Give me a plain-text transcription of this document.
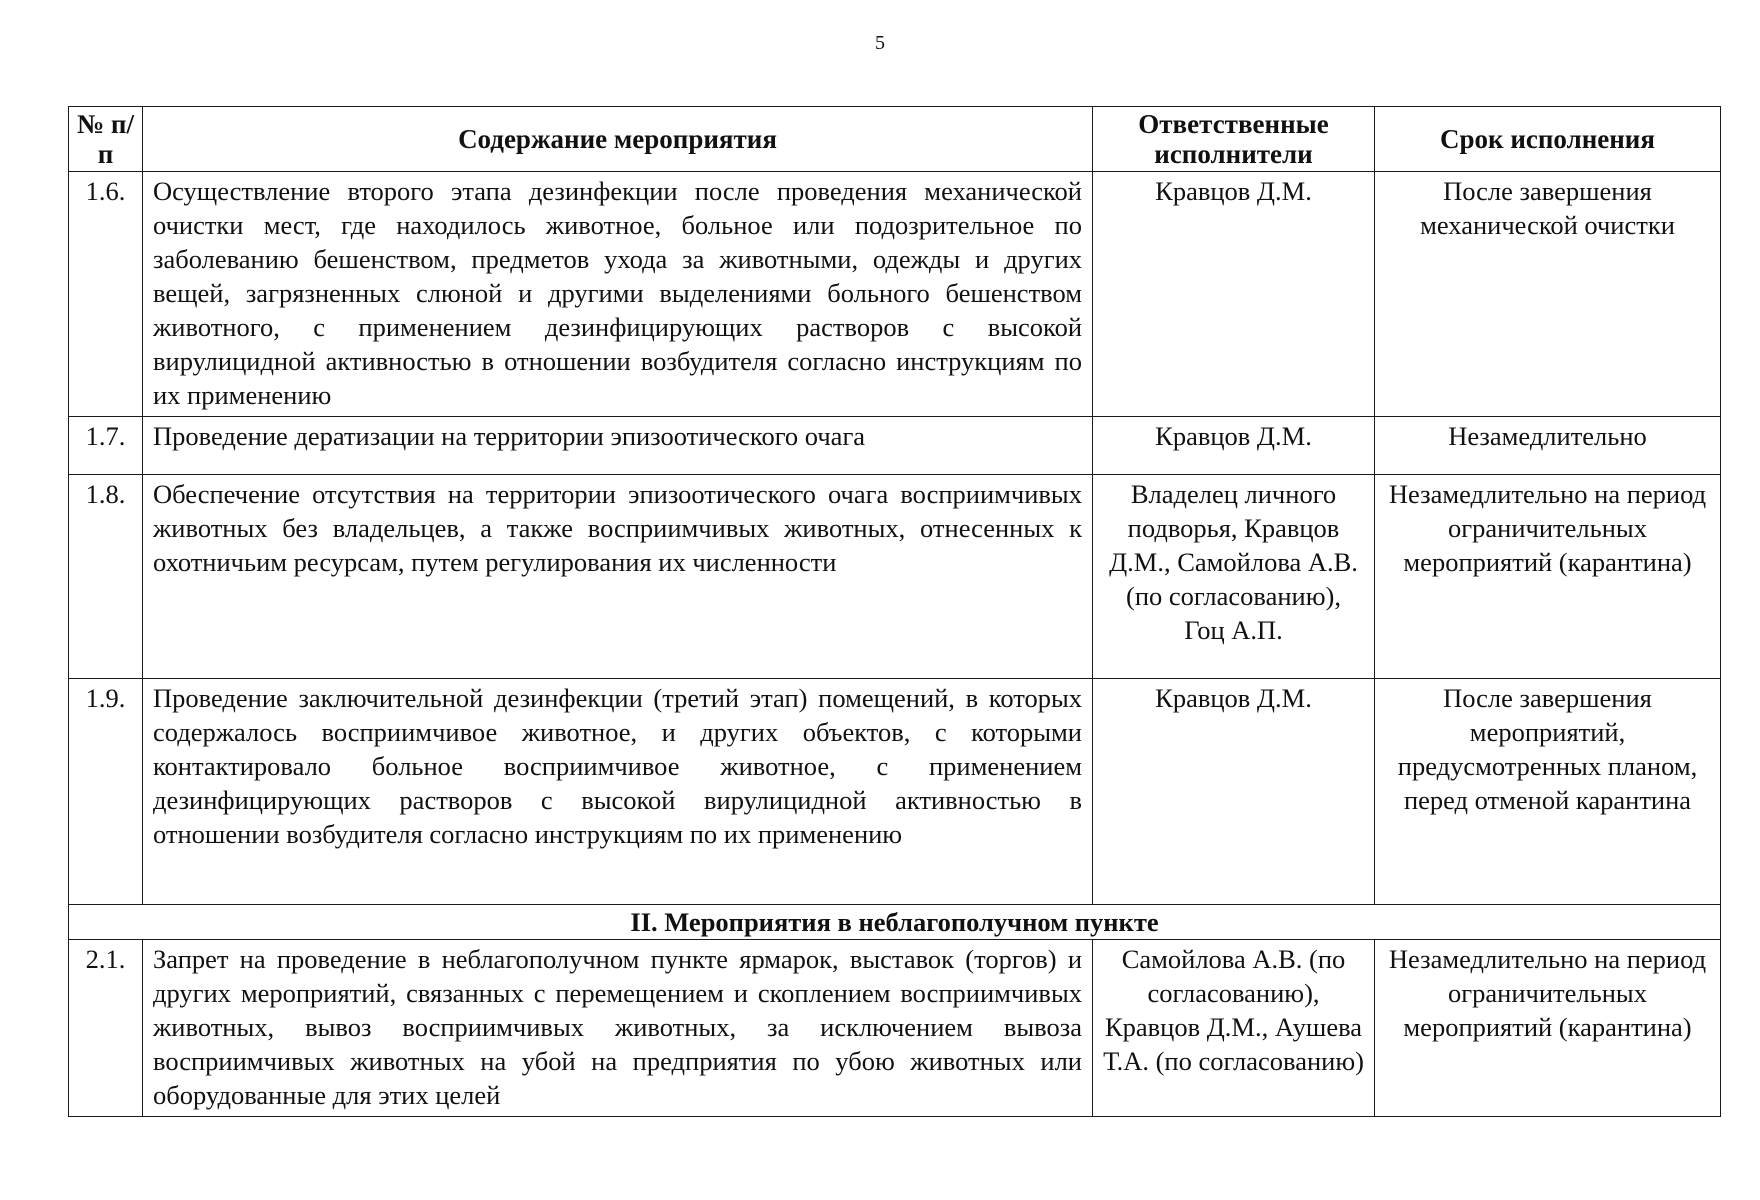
5
№ п/п	Содержание мероприятия	Ответственные исполнители	Срок исполнения
1.6.	Осуществление второго этапа дезинфекции после проведения механической очистки мест, где находилось животное, больное или подозрительное по заболеванию бешенством, предметов ухода за животными, одежды и других вещей, загрязненных слюной и другими выделениями больного бешенством животного, с применением дезинфицирующих растворов с высокой вирулицидной активностью в отношении возбудителя согласно инструкциям по их применению	Кравцов Д.М.	После завершения механической очистки
1.7.	Проведение дератизации на территории эпизоотического очага	Кравцов Д.М.	Незамедлительно
1.8.	Обеспечение отсутствия на территории эпизоотического очага восприимчивых животных без владельцев, а также восприимчивых животных, отнесенных к охотничьим ресурсам, путем регулирования их численности	Владелец личного подворья, Кравцов Д.М., Самойлова А.В. (по согласованию), Гоц А.П.	Незамедлительно на период ограничительных мероприятий (карантина)
1.9.	Проведение заключительной дезинфекции (третий этап) помещений, в которых содержалось восприимчивое животное, и других объектов, с которыми контактировало больное восприимчивое животное, с применением дезинфицирующих растворов с высокой вирулицидной активностью в отношении возбудителя согласно инструкциям по их применению	Кравцов Д.М.	После завершения мероприятий, предусмотренных планом, перед отменой карантина
II. Мероприятия в неблагополучном пункте			
2.1.	Запрет на проведение в неблагополучном пункте ярмарок, выставок (торгов) и других мероприятий, связанных с перемещением и скоплением восприимчивых животных, вывоз восприимчивых животных, за исключением вывоза восприимчивых животных на убой на предприятия по убою животных или оборудованные для этих целей	Самойлова А.В. (по согласованию), Кравцов Д.М., Аушева Т.А. (по согласованию)	Незамедлительно на период ограничительных мероприятий (карантина)
